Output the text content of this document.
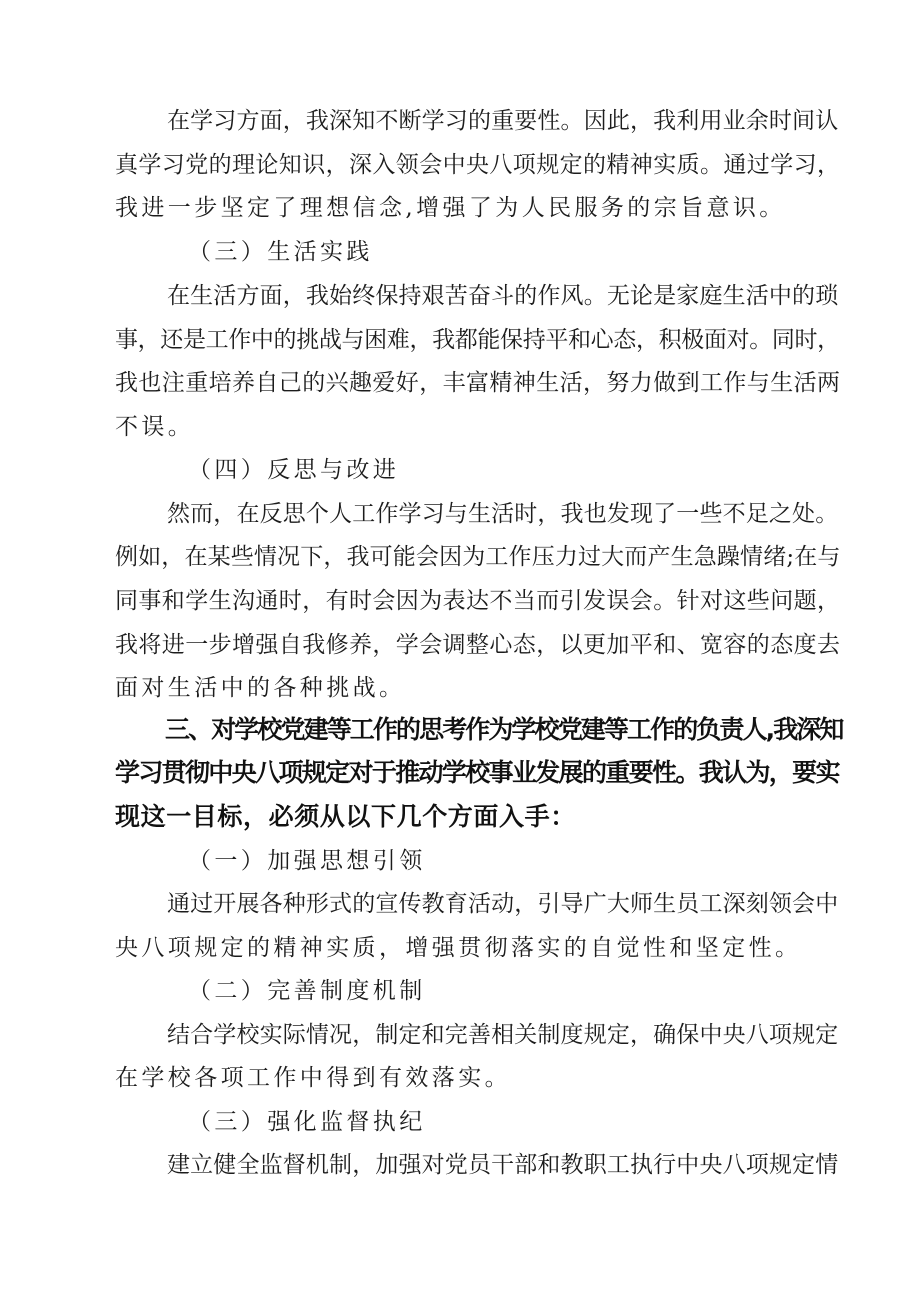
在学习方面，我深知不断学习的重要性。因此，我利用业余时间认
真学习党的理论知识，深入领会中央八项规定的精神实质。通过学习，
我进一步坚定了理想信念,增强了为人民服务的宗旨意识。
（三）生活实践
在生活方面，我始终保持艰苦奋斗的作风。无论是家庭生活中的琐
事，还是工作中的挑战与困难，我都能保持平和心态，积极面对。同时，
我也注重培养自己的兴趣爱好，丰富精神生活，努力做到工作与生活两
不误。
（四）反思与改进
然而，在反思个人工作学习与生活时，我也发现了一些不足之处。
例如，在某些情况下，我可能会因为工作压力过大而产生急躁情绪;在与
同事和学生沟通时，有时会因为表达不当而引发误会。针对这些问题，
我将进一步增强自我修养，学会调整心态，以更加平和、宽容的态度去
面对生活中的各种挑战。
三、对学校党建等工作的思考作为学校党建等工作的负责人,我深知
学习贯彻中央八项规定对于推动学校事业发展的重要性。我认为，要实
现这一目标，必须从以下几个方面入手：
（一）加强思想引领
通过开展各种形式的宣传教育活动，引导广大师生员工深刻领会中
央八项规定的精神实质，增强贯彻落实的自觉性和坚定性。
（二）完善制度机制
结合学校实际情况，制定和完善相关制度规定，确保中央八项规定
在学校各项工作中得到有效落实。
（三）强化监督执纪
建立健全监督机制，加强对党员干部和教职工执行中央八项规定情
